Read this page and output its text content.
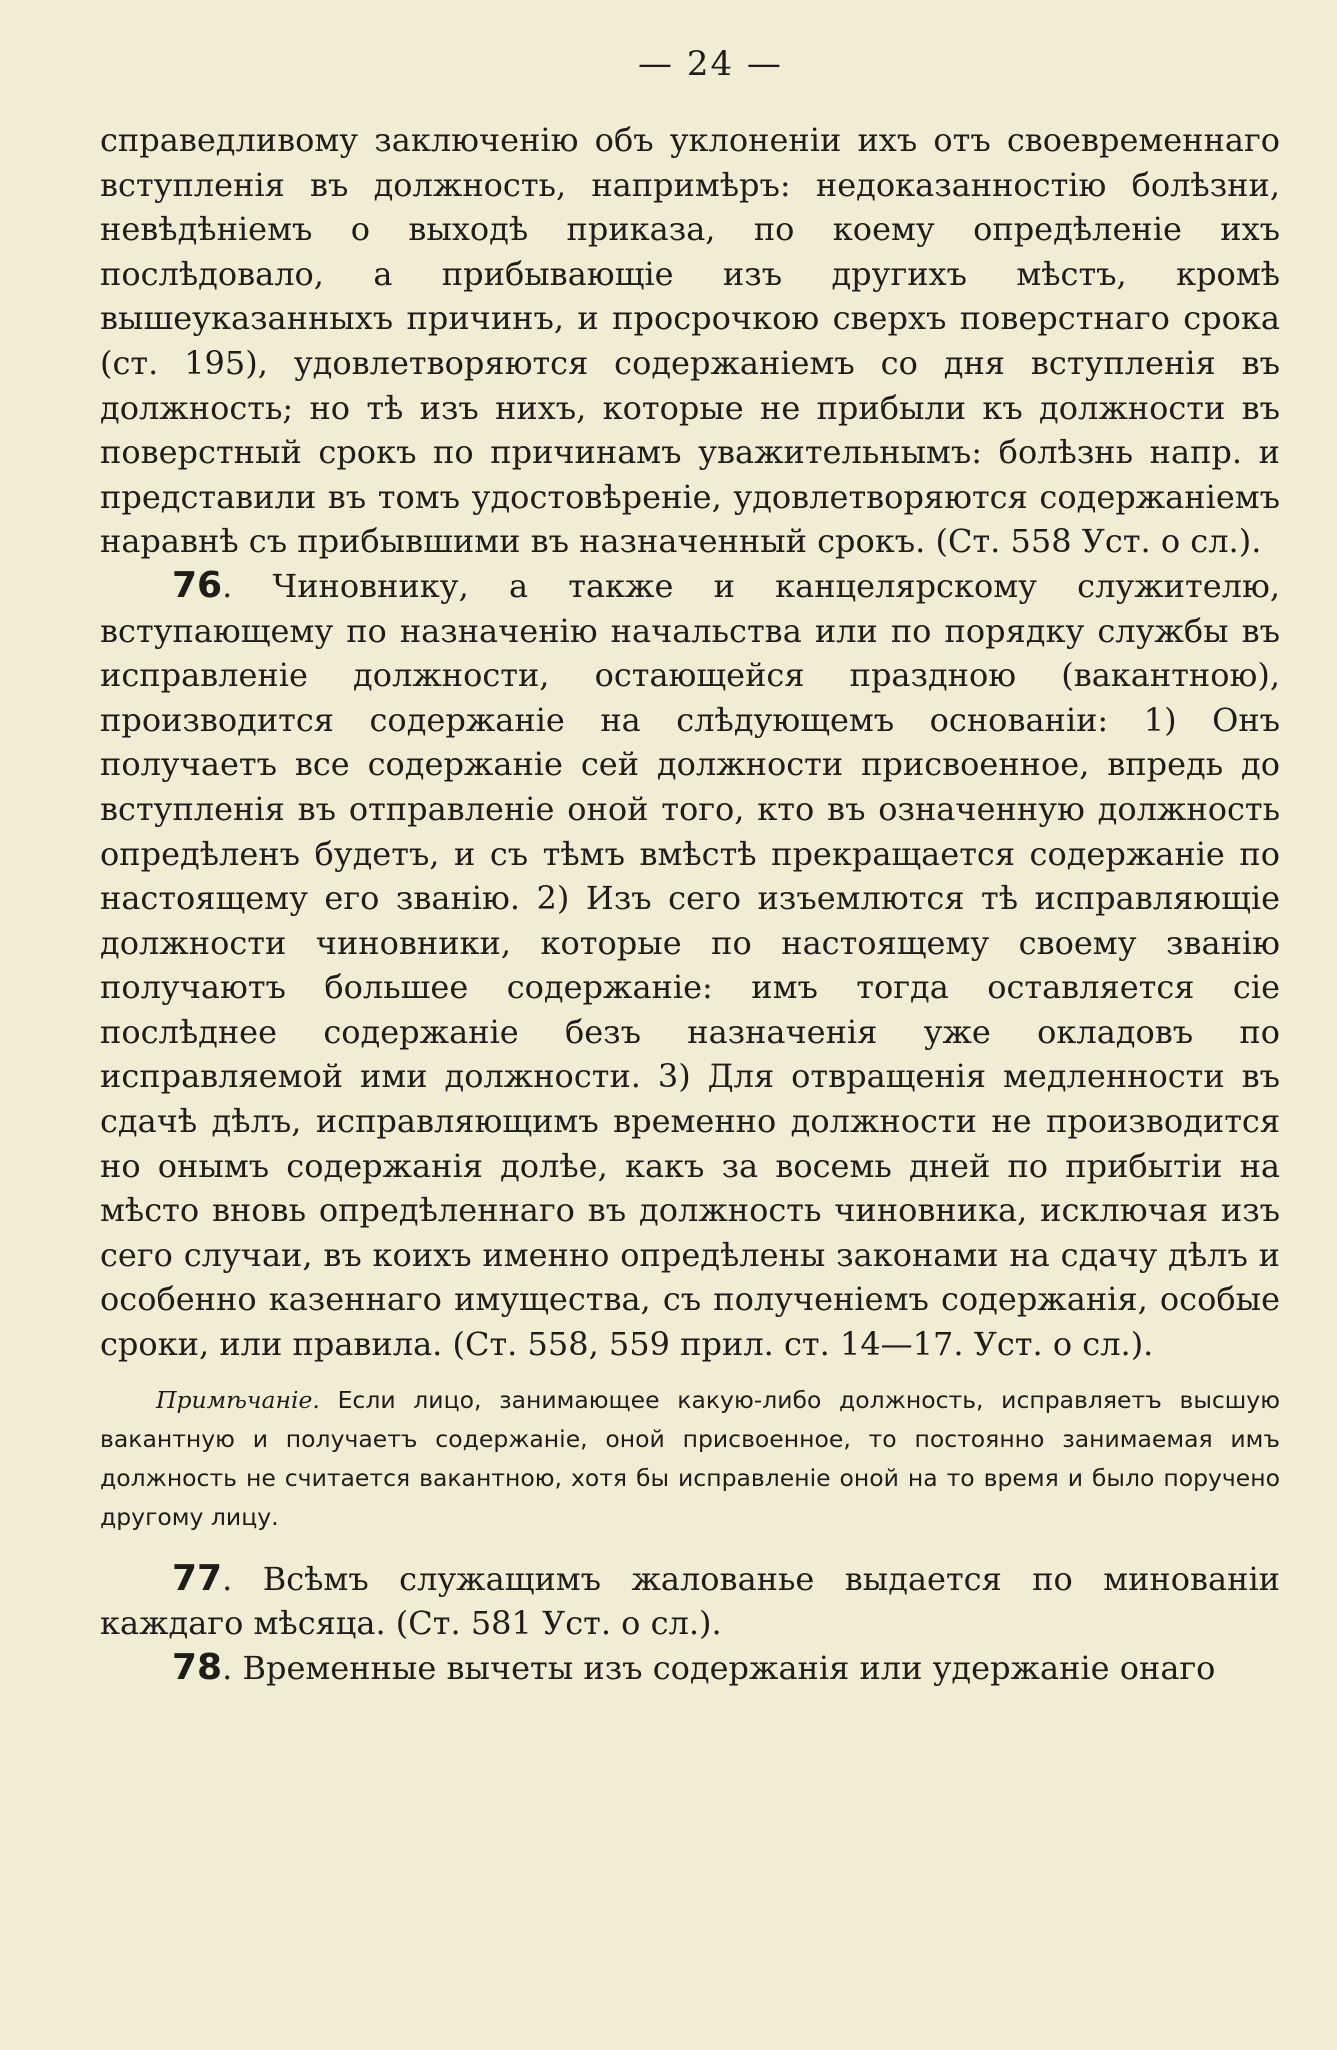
— 24 —

справедливому заключенію объ уклоненіи ихъ отъ своевременнаго вступленія въ должность, напримѣръ: недоказанностію болѣзни, невѣдѣніемъ о выходѣ приказа, по коему опредѣленіе ихъ послѣдовало, а прибывающіе изъ другихъ мѣстъ, кромѣ вышеуказанныхъ причинъ, и просрочкою сверхъ поверстнаго срока (ст. 195), удовлетворяются содержаніемъ со дня вступленія въ должность; но тѣ изъ нихъ, которые не прибыли къ должности въ поверстный срокъ по причинамъ уважительнымъ: болѣзнь напр. и представили въ томъ удостовѣреніе, удовлетворяются содержаніемъ наравнѣ съ прибывшими въ назначенный срокъ. (Ст. 558 Уст. о сл.).

76. Чиновнику, а также и канцелярскому служителю, вступающему по назначенію начальства или по порядку службы въ исправленіе должности, остающейся праздною (вакантною), производится содержаніе на слѣдующемъ основаніи: 1) Онъ получаетъ все содержаніе сей должности присвоенное, впредь до вступленія въ отправленіе оной того, кто въ означенную должность опредѣленъ будетъ, и съ тѣмъ вмѣстѣ прекращается содержаніе по настоящему его званію. 2) Изъ сего изъемлются тѣ исправляющіе должности чиновники, которые по настоящему своему званію получаютъ большее содержаніе: имъ тогда оставляется сіе послѣднее содержаніе безъ назначенія уже окладовъ по исправляемой ими должности. 3) Для отвращенія медленности въ сдачѣ дѣлъ, исправляющимъ временно должности не производится но онымъ содержанія долѣе, какъ за восемь дней по прибытіи на мѣсто вновь опредѣленнаго въ должность чиновника, исключая изъ сего случаи, въ коихъ именно опредѣлены законами на сдачу дѣлъ и особенно казеннаго имущества, съ полученіемъ содержанія, особые сроки, или правила. (Ст. 558, 559 прил. ст. 14—17. Уст. о сл.).

Примѣчаніе. Если лицо, занимающее какую-либо должность, исправляетъ высшую вакантную и получаетъ содержаніе, оной присвоенное, то постоянно занимаемая имъ должность не считается вакантною, хотя бы исправленіе оной на то время и было поручено другому лицу.

77. Всѣмъ служащимъ жалованье выдается по минованіи каждаго мѣсяца. (Ст. 581 Уст. о сл.).

78. Временные вычеты изъ содержанія или удержаніе онаго
